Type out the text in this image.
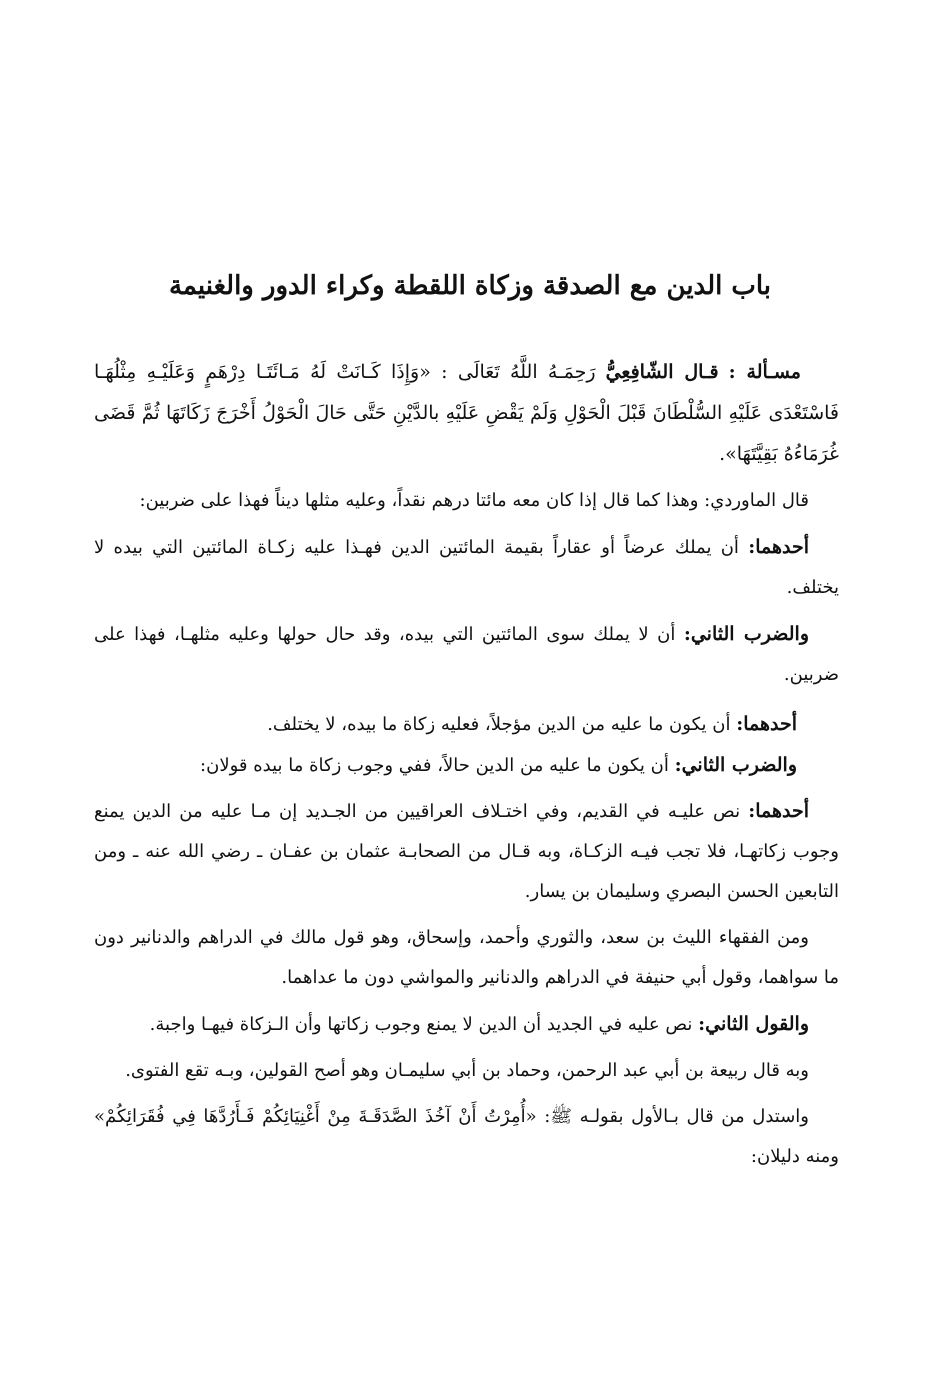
باب الدين مع الصدقة وزكاة اللقطة وكراء الدور والغنيمة

مسـألة : قـال الشّافِعِيُّ رَحِمَـهُ اللَّهُ تَعَالَى : «وَإِذَا كَـانَتْ لَهُ مَـائَتَـا دِرْهَمٍ وَعَلَيْـهِ مِثْلُهَـا فَاسْتَعْدَى عَلَيْهِ السُّلْطَانَ قَبْلَ الْحَوْلِ وَلَمْ يَقْضِ عَلَيْهِ بالدَّيْنِ حَتَّى حَالَ الْحَوْلُ أَخْرَجَ زَكَاتَهَا ثُمَّ قَضَى غُرَمَاءُهُ بَقِيَّتَهَا».

قال الماوردي: وهذا كما قال إذا كان معه مائتا درهم نقداً، وعليه مثلها ديناً فهذا على ضربين:

أحدهما: أن يملك عرضاً أو عقاراً بقيمة المائتين الدين فهـذا عليه زكـاة المائتين التي بيده لا يختلف.

والضرب الثاني: أن لا يملك سوى المائتين التي بيده، وقد حال حولها وعليه مثلهـا، فهذا على ضربين.

أحدهما: أن يكون ما عليه من الدين مؤجلاً، فعليه زكاة ما بيده، لا يختلف.

والضرب الثاني: أن يكون ما عليه من الدين حالاً، ففي وجوب زكاة ما بيده قولان:

أحدهما: نص عليـه في القديم، وفي اختـلاف العراقيين من الجـديد إن مـا عليه من الدين يمنع وجوب زكاتهـا، فلا تجب فيـه الزكـاة، وبه قـال من الصحابـة عثمان بن عفـان ـ رضي الله عنه ـ ومن التابعين الحسن البصري وسليمان بن يسار.

ومن الفقهاء الليث بن سعد، والثوري وأحمد، وإسحاق، وهو قول مالك في الدراهم والدنانير دون ما سواهما، وقول أبي حنيفة في الدراهم والدنانير والمواشي دون ما عداهما.

والقول الثاني: نص عليه في الجديد أن الدين لا يمنع وجوب زكاتها وأن الـزكاة فيهـا واجبة.

وبه قال ربيعة بن أبي عبد الرحمن، وحماد بن أبي سليمـان وهو أصح القولين، وبـه تقع الفتوى.

واستدل من قال بـالأول بقولـه ﷺ: «أُمِرْتُ أَنْ آخُذَ الصَّدَقَـةَ مِنْ أَغْنِيَائِكُمْ فَـأَرُدَّهَا فِي فُقَرَائِكُمْ» ومنه دليلان:
